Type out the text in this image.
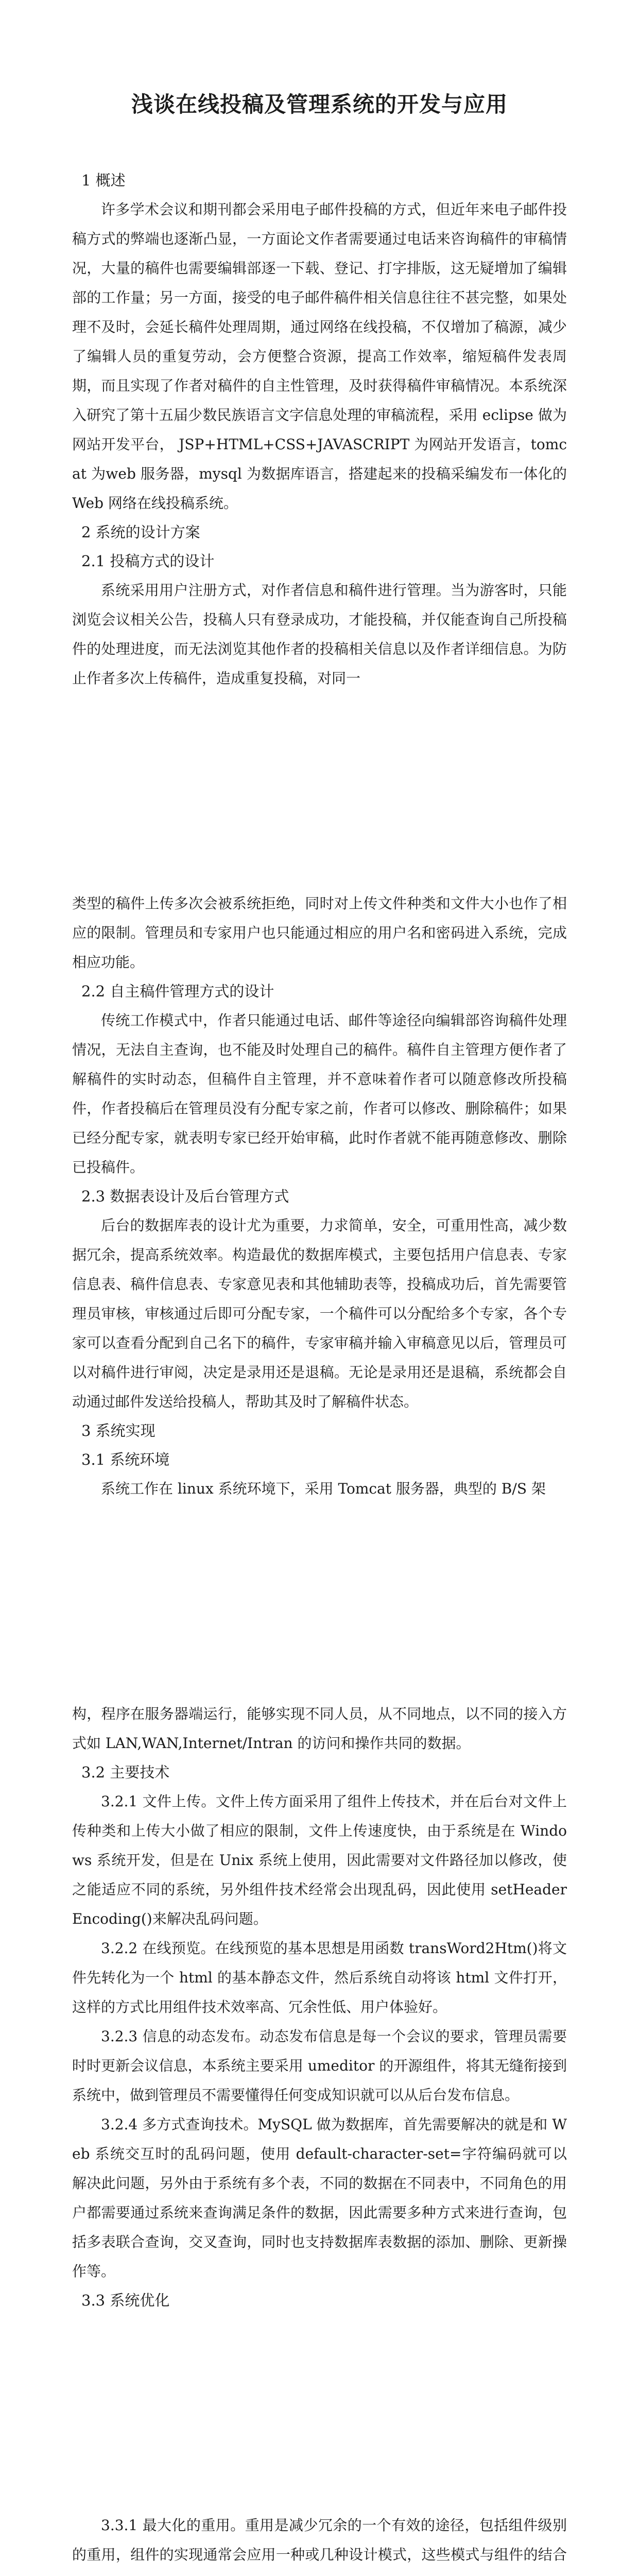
浅谈在线投稿及管理系统的开发与应用

1 概述

许多学术会议和期刊都会采用电子邮件投稿的方式，但近年来电子邮件投稿方式的弊端也逐渐凸显，一方面论文作者需要通过电话来咨询稿件的审稿情况，大量的稿件也需要编辑部逐一下载、登记、打字排版，这无疑增加了编辑部的工作量；另一方面，接受的电子邮件稿件相关信息往往不甚完整，如果处理不及时，会延长稿件处理周期，通过网络在线投稿，不仅增加了稿源，减少了编辑人员的重复劳动，会方便整合资源，提高工作效率，缩短稿件发表周期，而且实现了作者对稿件的自主性管理，及时获得稿件审稿情况。本系统深入研究了第十五届少数民族语言文字信息处理的审稿流程，采用 eclipse 做为网站开发平台， JSP+HTML+CSS+JAVASCRIPT 为网站开发语言，tomcat 为web 服务器，mysql 为数据库语言，搭建起来的投稿采编发布一体化的 Web 网络在线投稿系统。

2 系统的设计方案

2.1 投稿方式的设计

系统采用用户注册方式，对作者信息和稿件进行管理。当为游客时，只能浏览会议相关公告，投稿人只有登录成功，才能投稿，并仅能查询自己所投稿件的处理进度，而无法浏览其他作者的投稿相关信息以及作者详细信息。为防止作者多次上传稿件，造成重复投稿，对同一

类型的稿件上传多次会被系统拒绝，同时对上传文件种类和文件大小也作了相应的限制。管理员和专家用户也只能通过相应的用户名和密码进入系统，完成相应功能。

2.2 自主稿件管理方式的设计

传统工作模式中，作者只能通过电话、邮件等途径向编辑部咨询稿件处理情况，无法自主查询，也不能及时处理自己的稿件。稿件自主管理方便作者了解稿件的实时动态，但稿件自主管理，并不意味着作者可以随意修改所投稿件，作者投稿后在管理员没有分配专家之前，作者可以修改、删除稿件；如果已经分配专家，就表明专家已经开始审稿，此时作者就不能再随意修改、删除已投稿件。

2.3 数据表设计及后台管理方式

后台的数据库表的设计尤为重要，力求简单，安全，可重用性高，减少数据冗余，提高系统效率。构造最优的数据库模式，主要包括用户信息表、专家信息表、稿件信息表、专家意见表和其他辅助表等，投稿成功后，首先需要管理员审核，审核通过后即可分配专家，一个稿件可以分配给多个专家，各个专家可以查看分配到自己名下的稿件，专家审稿并输入审稿意见以后，管理员可以对稿件进行审阅，决定是录用还是退稿。无论是录用还是退稿，系统都会自动通过邮件发送给投稿人，帮助其及时了解稿件状态。

3 系统实现

3.1 系统环境

系统工作在 linux 系统环境下，采用 Tomcat 服务器，典型的 B/S 架

构，程序在服务器端运行，能够实现不同人员，从不同地点，以不同的接入方式如 LAN,WAN,Internet/Intran 的访问和操作共同的数据。

3.2 主要技术

3.2.1 文件上传。文件上传方面采用了组件上传技术，并在后台对文件上传种类和上传大小做了相应的限制，文件上传速度快，由于系统是在 Windows 系统开发，但是在 Unix 系统上使用，因此需要对文件路径加以修改，使之能适应不同的系统，另外组件技术经常会出现乱码，因此使用 setHeaderEncoding()来解决乱码问题。

3.2.2 在线预览。在线预览的基本思想是用函数 transWord2Htm()将文件先转化为一个 html 的基本静态文件，然后系统自动将该 html 文件打开，这样的方式比用组件技术效率高、冗余性低、用户体验好。

3.2.3 信息的动态发布。动态发布信息是每一个会议的要求，管理员需要时时更新会议信息，本系统主要采用 umeditor 的开源组件，将其无缝衔接到系统中，做到管理员不需要懂得任何变成知识就可以从后台发布信息。

3.2.4 多方式查询技术。MySQL 做为数据库，首先需要解决的就是和 Web 系统交互时的乱码问题，使用 default-character-set=字符编码就可以解决此问题，另外由于系统有多个表，不同的数据在不同表中，不同角色的用户都需要通过系统来查询满足条件的数据，因此需要多种方式来进行查询，包括多表联合查询，交叉查询，同时也支持数据库表数据的添加、删除、更新操作等。

3.3 系统优化

3.3.1 最大化的重用。重用是减少冗余的一个有效的途径，包括组件级别的重用，组件的实现通常会应用一种或几种设计模式，这些模式与组件的结合
